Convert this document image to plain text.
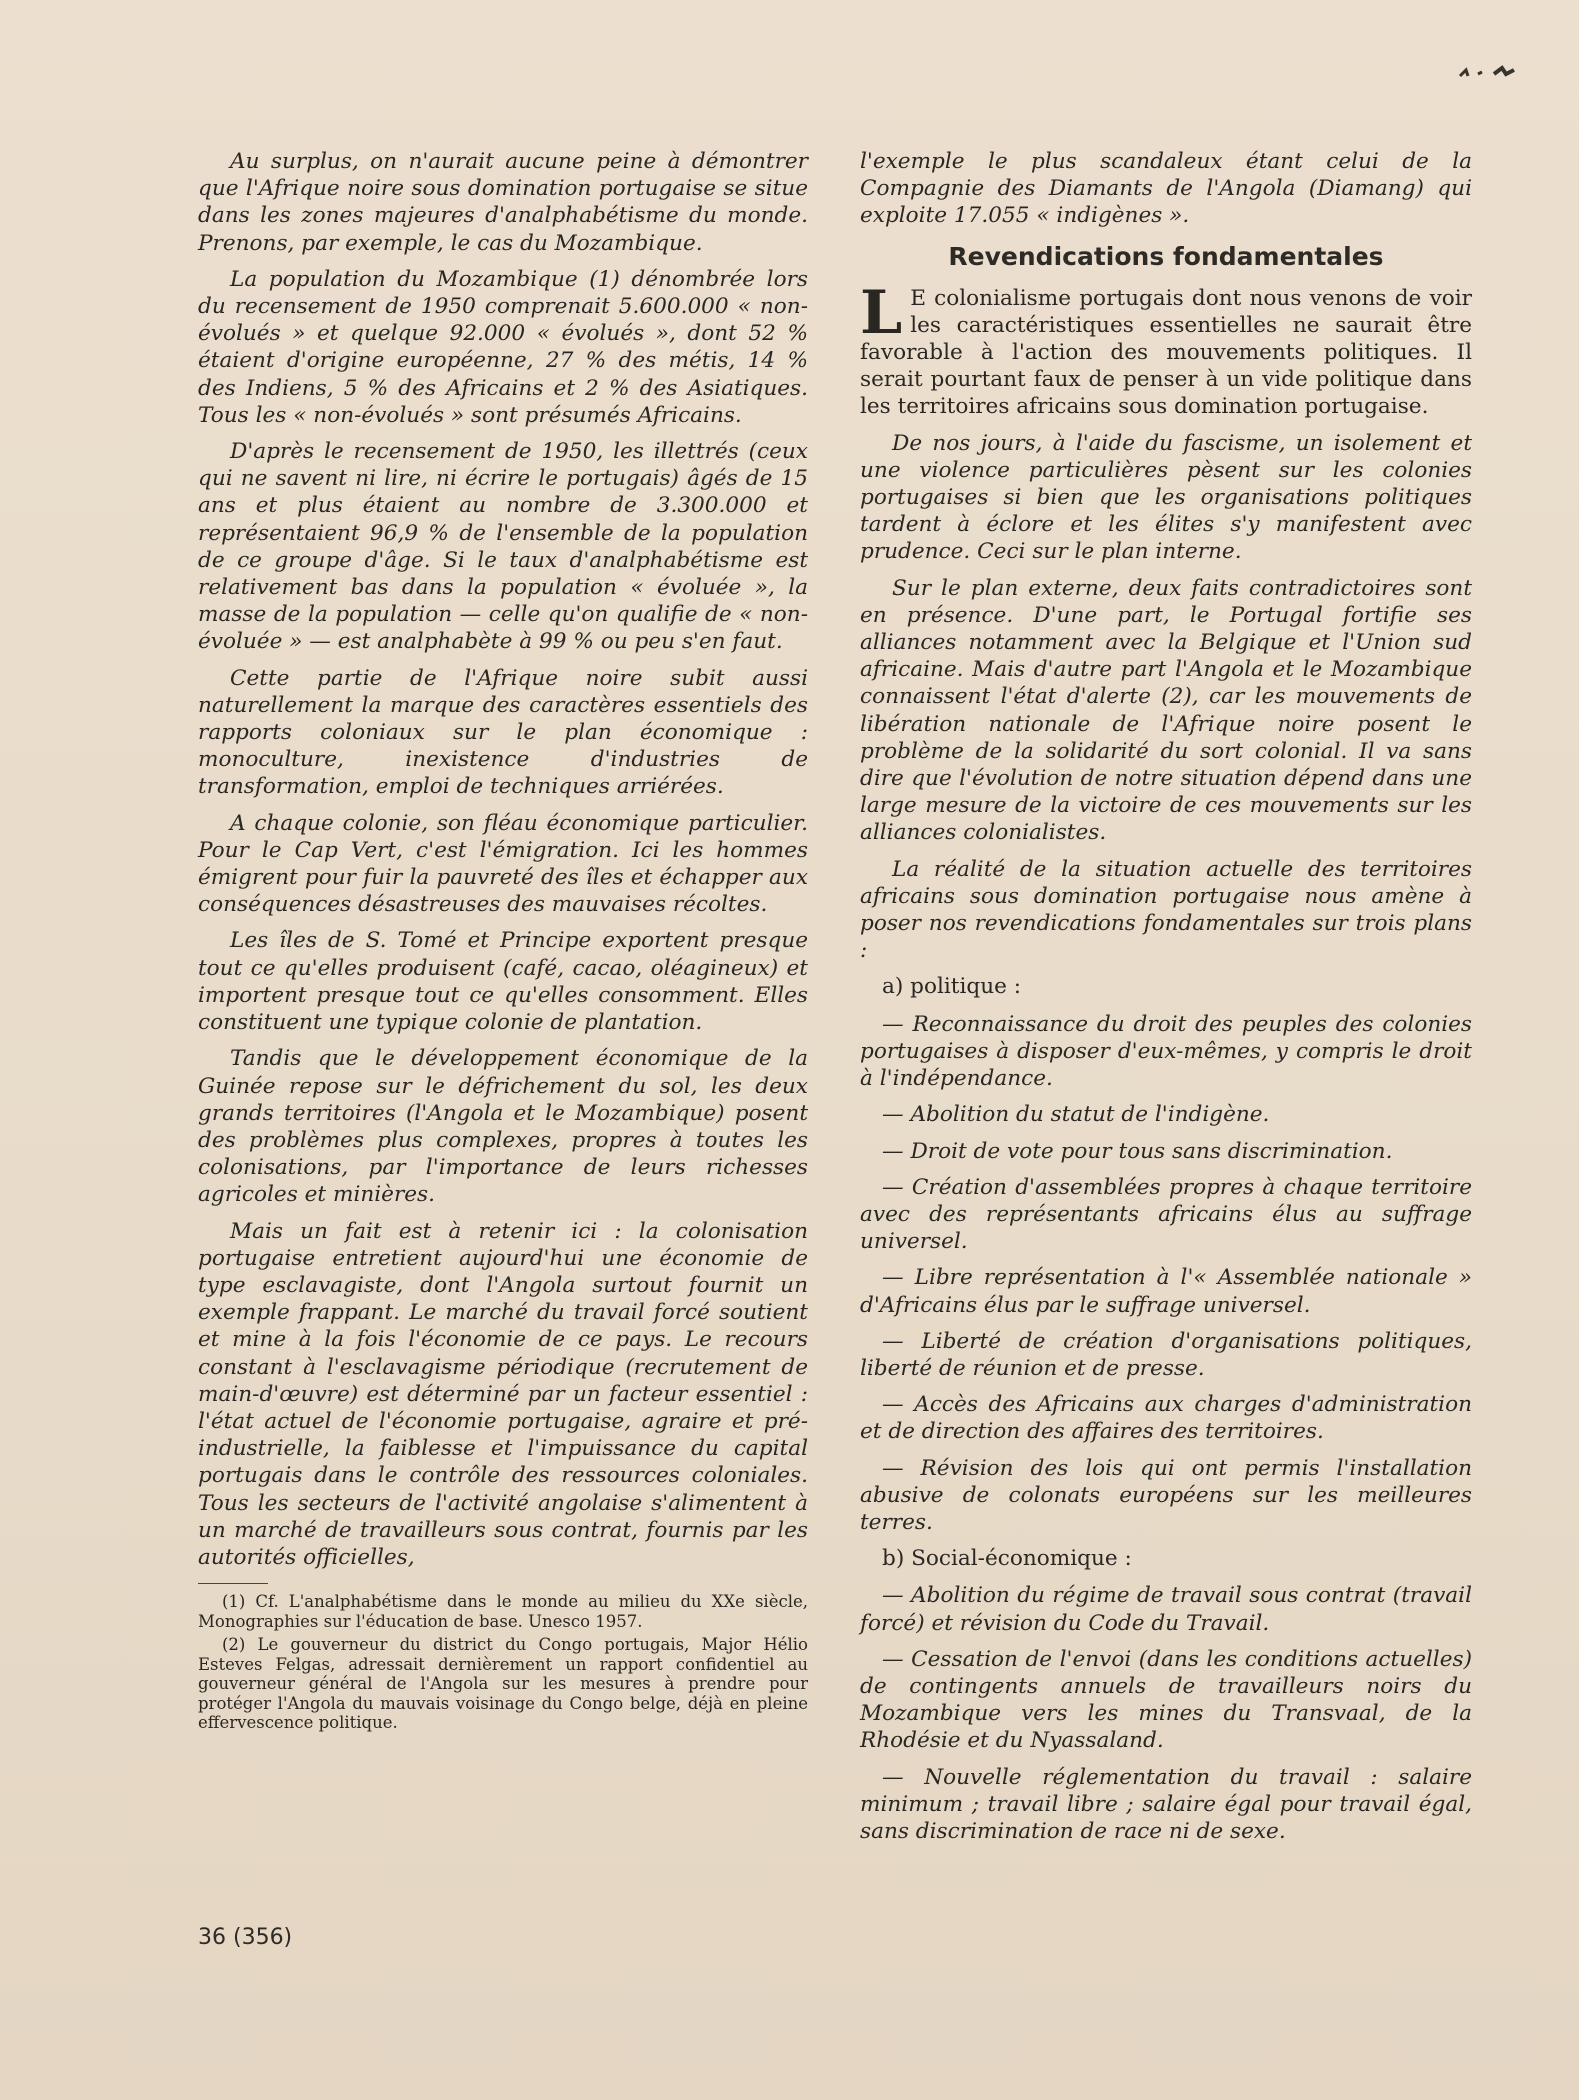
Au surplus, on n'aurait aucune peine à démontrer que l'Afrique noire sous domination portugaise se situe dans les zones majeures d'analphabétisme du monde. Prenons, par exemple, le cas du Mozambique.

La population du Mozambique (1) dénombrée lors du recensement de 1950 comprenait 5.600.000 « non-évolués » et quelque 92.000 « évolués », dont 52 % étaient d'origine européenne, 27 % des métis, 14 % des Indiens, 5 % des Africains et 2 % des Asiatiques. Tous les « non-évolués » sont présumés Africains.

D'après le recensement de 1950, les illettrés (ceux qui ne savent ni lire, ni écrire le portugais) âgés de 15 ans et plus étaient au nombre de 3.300.000 et représentaient 96,9 % de l'ensemble de la population de ce groupe d'âge. Si le taux d'analphabétisme est relativement bas dans la population « évoluée », la masse de la population — celle qu'on qualifie de « non-évoluée » — est analphabète à 99 % ou peu s'en faut.

Cette partie de l'Afrique noire subit aussi naturellement la marque des caractères essentiels des rapports coloniaux sur le plan économique : monoculture, inexistence d'industries de transformation, emploi de techniques arriérées.

A chaque colonie, son fléau économique particulier. Pour le Cap Vert, c'est l'émigration. Ici les hommes émigrent pour fuir la pauvreté des îles et échapper aux conséquences désastreuses des mauvaises récoltes.

Les îles de S. Tomé et Principe exportent presque tout ce qu'elles produisent (café, cacao, oléagineux) et importent presque tout ce qu'elles consomment. Elles constituent une typique colonie de plantation.

Tandis que le développement économique de la Guinée repose sur le défrichement du sol, les deux grands territoires (l'Angola et le Mozambique) posent des problèmes plus complexes, propres à toutes les colonisations, par l'importance de leurs richesses agricoles et minières.

Mais un fait est à retenir ici : la colonisation portugaise entretient aujourd'hui une économie de type esclavagiste, dont l'Angola surtout fournit un exemple frappant. Le marché du travail forcé soutient et mine à la fois l'économie de ce pays. Le recours constant à l'esclavagisme périodique (recrutement de main-d'œuvre) est déterminé par un facteur essentiel : l'état actuel de l'économie portugaise, agraire et pré-industrielle, la faiblesse et l'impuissance du capital portugais dans le contrôle des ressources coloniales. Tous les secteurs de l'activité angolaise s'alimentent à un marché de travailleurs sous contrat, fournis par les autorités officielles,

(1) Cf. L'analphabétisme dans le monde au milieu du XXe siècle, Monographies sur l'éducation de base. Unesco 1957.
(2) Le gouverneur du district du Congo portugais, Major Hélio Esteves Felgas, adressait dernièrement un rapport confidentiel au gouverneur général de l'Angola sur les mesures à prendre pour protéger l'Angola du mauvais voisinage du Congo belge, déjà en pleine effervescence politique.

l'exemple le plus scandaleux étant celui de la Compagnie des Diamants de l'Angola (Diamang) qui exploite 17.055 « indigènes ».

Revendications fondamentales

L E colonialisme portugais dont nous venons de voir les caractéristiques essentielles ne saurait être favorable à l'action des mouvements politiques. Il serait pourtant faux de penser à un vide politique dans les territoires africains sous domination portugaise.

De nos jours, à l'aide du fascisme, un isolement et une violence particulières pèsent sur les colonies portugaises si bien que les organisations politiques tardent à éclore et les élites s'y manifestent avec prudence. Ceci sur le plan interne.

Sur le plan externe, deux faits contradictoires sont en présence. D'une part, le Portugal fortifie ses alliances notamment avec la Belgique et l'Union sud africaine. Mais d'autre part l'Angola et le Mozambique connaissent l'état d'alerte (2), car les mouvements de libération nationale de l'Afrique noire posent le problème de la solidarité du sort colonial. Il va sans dire que l'évolution de notre situation dépend dans une large mesure de la victoire de ces mouvements sur les alliances colonialistes.

La réalité de la situation actuelle des territoires africains sous domination portugaise nous amène à poser nos revendications fondamentales sur trois plans :

a) politique :

— Reconnaissance du droit des peuples des colonies portugaises à disposer d'eux-mêmes, y compris le droit à l'indépendance.

— Abolition du statut de l'indigène.

— Droit de vote pour tous sans discrimination.

— Création d'assemblées propres à chaque territoire avec des représentants africains élus au suffrage universel.

— Libre représentation à l'« Assemblée nationale » d'Africains élus par le suffrage universel.

— Liberté de création d'organisations politiques, liberté de réunion et de presse.

— Accès des Africains aux charges d'administration et de direction des affaires des territoires.

— Révision des lois qui ont permis l'installation abusive de colonats européens sur les meilleures terres.

b) Social-économique :

— Abolition du régime de travail sous contrat (travail forcé) et révision du Code du Travail.

— Cessation de l'envoi (dans les conditions actuelles) de contingents annuels de travailleurs noirs du Mozambique vers les mines du Transvaal, de la Rhodésie et du Nyassaland.

— Nouvelle réglementation du travail : salaire minimum ; travail libre ; salaire égal pour travail égal, sans discrimination de race ni de sexe.

36 (356)
